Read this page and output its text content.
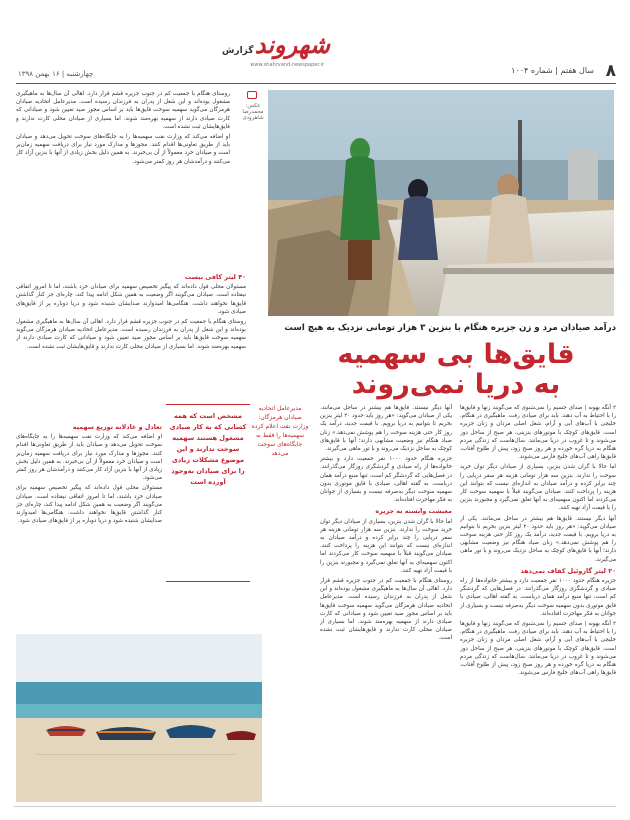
۸
سال هفتم | شماره ۱۰۰۴
شهروند
گزارش
www.shahrvand-newspaper.ir
چهارشنبه | ۱۶ بهمن ۱۳۹۸

روستای هنگام با جمعیت کم در جنوب جزیره قشم قرار دارد. اهالی آن سال‌ها به ماهیگیری مشغول بوده‌اند و این شغل از پدران به فرزندان رسیده است. مدیرعامل اتحادیه صیادان هرمزگان می‌گوید سهمیه سوخت قایق‌ها باید بر اساس مجوز صید تعیین شود و صیادانی که کارت صیادی دارند از سهمیه بهره‌مند شوند. اما بسیاری از صیادان محلی کارت ندارند و قایق‌هایشان ثبت نشده است.

او اضافه می‌کند که وزارت نفت سهمیه‌ها را به جایگاه‌های سوخت تحویل می‌دهد و صیادان باید از طریق تعاونی‌ها اقدام کنند. مجوزها و مدارک مورد نیاز برای دریافت سهمیه زمان‌بر است و صیادان خرد معمولاً از آن بی‌خبرند. به همین دلیل بخش زیادی از آنها با بنزین آزاد کار می‌کنند و درآمدشان هر روز کمتر می‌شود.

۴۰ لیتر کافی نیست

مسئولان محلی قول داده‌اند که پیگیر تخصیص سهمیه برای صیادان خرد باشند، اما تا امروز اتفاقی نیفتاده است. صیادان می‌گویند اگر وضعیت به همین شکل ادامه پیدا کند، چاره‌ای جز کنار گذاشتن قایق‌ها نخواهند داشت. هنگامی‌ها امیدوارند صدایشان شنیده شود و دریا دوباره پر از قایق‌های صیادی شود.

روستای هنگام با جمعیت کم در جنوب جزیره قشم قرار دارد. اهالی آن سال‌ها به ماهیگیری مشغول بوده‌اند و این شغل از پدران به فرزندان رسیده است. مدیرعامل اتحادیه صیادان هرمزگان می‌گوید سهمیه سوخت قایق‌ها باید بر اساس مجوز صید تعیین شود و صیادانی که کارت صیادی دارند از سهمیه بهره‌مند شوند. اما بسیاری از صیادان محلی کارت ندارند و قایق‌هایشان ثبت نشده است.

تعادل و عادلانه توزیع سهمیه

او اضافه می‌کند که وزارت نفت سهمیه‌ها را به جایگاه‌های سوخت تحویل می‌دهد و صیادان باید از طریق تعاونی‌ها اقدام کنند. مجوزها و مدارک مورد نیاز برای دریافت سهمیه زمان‌بر است و صیادان خرد معمولاً از آن بی‌خبرند. به همین دلیل بخش زیادی از آنها با بنزین آزاد کار می‌کنند و درآمدشان هر روز کمتر می‌شود.

مسئولان محلی قول داده‌اند که پیگیر تخصیص سهمیه برای صیادان خرد باشند، اما تا امروز اتفاقی نیفتاده است. صیادان می‌گویند اگر وضعیت به همین شکل ادامه پیدا کند، چاره‌ای جز کنار گذاشتن قایق‌ها نخواهند داشت. هنگامی‌ها امیدوارند صدایشان شنیده شود و دریا دوباره پر از قایق‌های صیادی شود.

عکس: محمدرضا شاهرودی
درآمد صیادان مرد و زن جزیره هنگام با بنزین ۳ هزار تومانی نزدیک به هیچ است
قایق‌ها بی سهمیه
به دریا نمی‌روند

۲ آنگه بهونه | صدای جسیم را نمی‌شنوی که می‌گویند زنها و قایق‌ها را با احتیاط به آب دهند. باید برای صیادی رفت. ماهیگیری در هنگام، خلیجی با آب‌های آبی و آرام، شغل اصلی مردان و زنان جزیره است. قایق‌های کوچک با موتورهای بنزینی، هر صبح از ساحل دور می‌شوند و تا غروب در دریا می‌مانند. سال‌هاست که زندگی مردم هنگام به دریا گره خورده و هر روز صبح زود، پیش از طلوع آفتاب، قایق‌ها راهی آب‌های خلیج فارس می‌شوند.

اما حالا با گران شدن بنزین، بسیاری از صیادان دیگر توان خرید سوخت را ندارند. بنزین سه هزار تومانی هزینه هر سفر دریایی را چند برابر کرده و درآمد صیادان به اندازه‌ای نیست که بتوانند این هزینه را پرداخت کنند. صیادان می‌گویند قبلاً با سهمیه سوخت کار می‌کردند اما اکنون سهمیه‌ای به آنها تعلق نمی‌گیرد و مجبورند بنزین را با قیمت آزاد تهیه کنند.

آنها دیگر نیستند. قایق‌ها هم بیشتر در ساحل می‌مانند. یکی از صیادان می‌گوید: «هر روز باید حدود ۲۰ لیتر بنزین بخریم تا بتوانیم به دریا برویم. با قیمت جدید، درآمد یک روز کار حتی هزینه سوخت را هم پوشش نمی‌دهد.» زنان صیاد هنگام نیز وضعیت مشابهی دارند؛ آنها با قایق‌های کوچک به ساحل نزدیک می‌روند و با تور ماهی می‌گیرند.

۲۰ لیتر گازوئیل کفاف نمی‌دهد

جزیره هنگام حدود ۱۰۰۰ نفر جمعیت دارد و بیشتر خانواده‌ها از راه صیادی و گردشگری روزگار می‌گذرانند. در فصل‌هایی که گردشگر کم است، تنها منبع درآمد همان دریاست. به گفته اهالی، صیادی با قایق موتوری بدون سهمیه سوخت دیگر به‌صرفه نیست و بسیاری از جوانان به فکر مهاجرت افتاده‌اند.

۲ آنگه بهونه | صدای جسیم را نمی‌شنوی که می‌گویند زنها و قایق‌ها را با احتیاط به آب دهند. باید برای صیادی رفت. ماهیگیری در هنگام، خلیجی با آب‌های آبی و آرام، شغل اصلی مردان و زنان جزیره است. قایق‌های کوچک با موتورهای بنزینی، هر صبح از ساحل دور می‌شوند و تا غروب در دریا می‌مانند. سال‌هاست که زندگی مردم هنگام به دریا گره خورده و هر روز صبح زود، پیش از طلوع آفتاب، قایق‌ها راهی آب‌های خلیج فارس می‌شوند.

آنها دیگر نیستند. قایق‌ها هم بیشتر در ساحل می‌مانند. یکی از صیادان می‌گوید: «هر روز باید حدود ۲۰ لیتر بنزین بخریم تا بتوانیم به دریا برویم. با قیمت جدید، درآمد یک روز کار حتی هزینه سوخت را هم پوشش نمی‌دهد.» زنان صیاد هنگام نیز وضعیت مشابهی دارند؛ آنها با قایق‌های کوچک به ساحل نزدیک می‌روند و با تور ماهی می‌گیرند.

جزیره هنگام حدود ۱۰۰۰ نفر جمعیت دارد و بیشتر خانواده‌ها از راه صیادی و گردشگری روزگار می‌گذرانند. در فصل‌هایی که گردشگر کم است، تنها منبع درآمد همان دریاست. به گفته اهالی، صیادی با قایق موتوری بدون سهمیه سوخت دیگر به‌صرفه نیست و بسیاری از جوانان به فکر مهاجرت افتاده‌اند.

معیشت وابسته به جزیره

اما حالا با گران شدن بنزین، بسیاری از صیادان دیگر توان خرید سوخت را ندارند. بنزین سه هزار تومانی هزینه هر سفر دریایی را چند برابر کرده و درآمد صیادان به اندازه‌ای نیست که بتوانند این هزینه را پرداخت کنند. صیادان می‌گویند قبلاً با سهمیه سوخت کار می‌کردند اما اکنون سهمیه‌ای به آنها تعلق نمی‌گیرد و مجبورند بنزین را با قیمت آزاد تهیه کنند.

روستای هنگام با جمعیت کم در جنوب جزیره قشم قرار دارد. اهالی آن سال‌ها به ماهیگیری مشغول بوده‌اند و این شغل از پدران به فرزندان رسیده است. مدیرعامل اتحادیه صیادان هرمزگان می‌گوید سهمیه سوخت قایق‌ها باید بر اساس مجوز صید تعیین شود و صیادانی که کارت صیادی دارند از سهمیه بهره‌مند شوند. اما بسیاری از صیادان محلی کارت ندارند و قایق‌هایشان ثبت نشده است.

مدیرعامل اتحادیه صیادان هرمزگان: وزارت نفت اعلام کرده سهمیه‌ها را فقط به جایگاه‌های سوخت می‌دهد
مشخص است که همه کسانی که به کار صیادی مشغول هستند سهمیه سوخت ندارند و این موضوع مشکلات زیادی را برای صیادان به‌وجود آورده است
